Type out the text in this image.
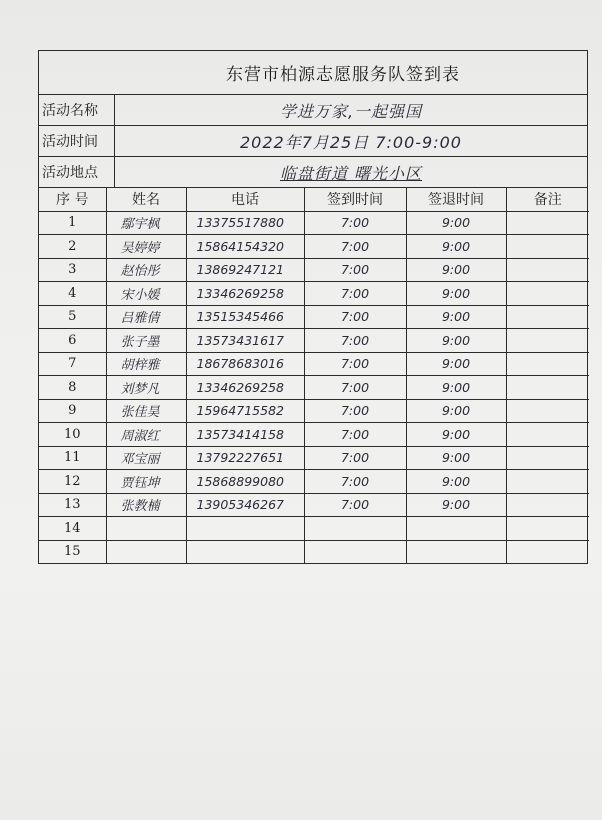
东营市柏源志愿服务队签到表
活动名称	学进万家,一起强国
活动时间	2022年7月25日 7:00-9:00
活动地点	临盘街道 曙光小区
序 号	姓名	电话	签到时间	签退时间	备注
1	鄢宇枫	13375517880	7:00	9:00	
2	吴婷婷	15864154320	7:00	9:00	
3	赵怡彤	13869247121	7:00	9:00	
4	宋小媛	13346269258	7:00	9:00	
5	吕雅倩	13515345466	7:00	9:00	
6	张子墨	13573431617	7:00	9:00	
7	胡梓雅	18678683016	7:00	9:00	
8	刘梦凡	13346269258	7:00	9:00	
9	张佳昊	15964715582	7:00	9:00	
10	周淑红	13573414158	7:00	9:00	
11	邓宝丽	13792227651	7:00	9:00	
12	贾钰坤	15868899080	7:00	9:00	
13	张教楠	13905346267	7:00	9:00	
14					
15					
